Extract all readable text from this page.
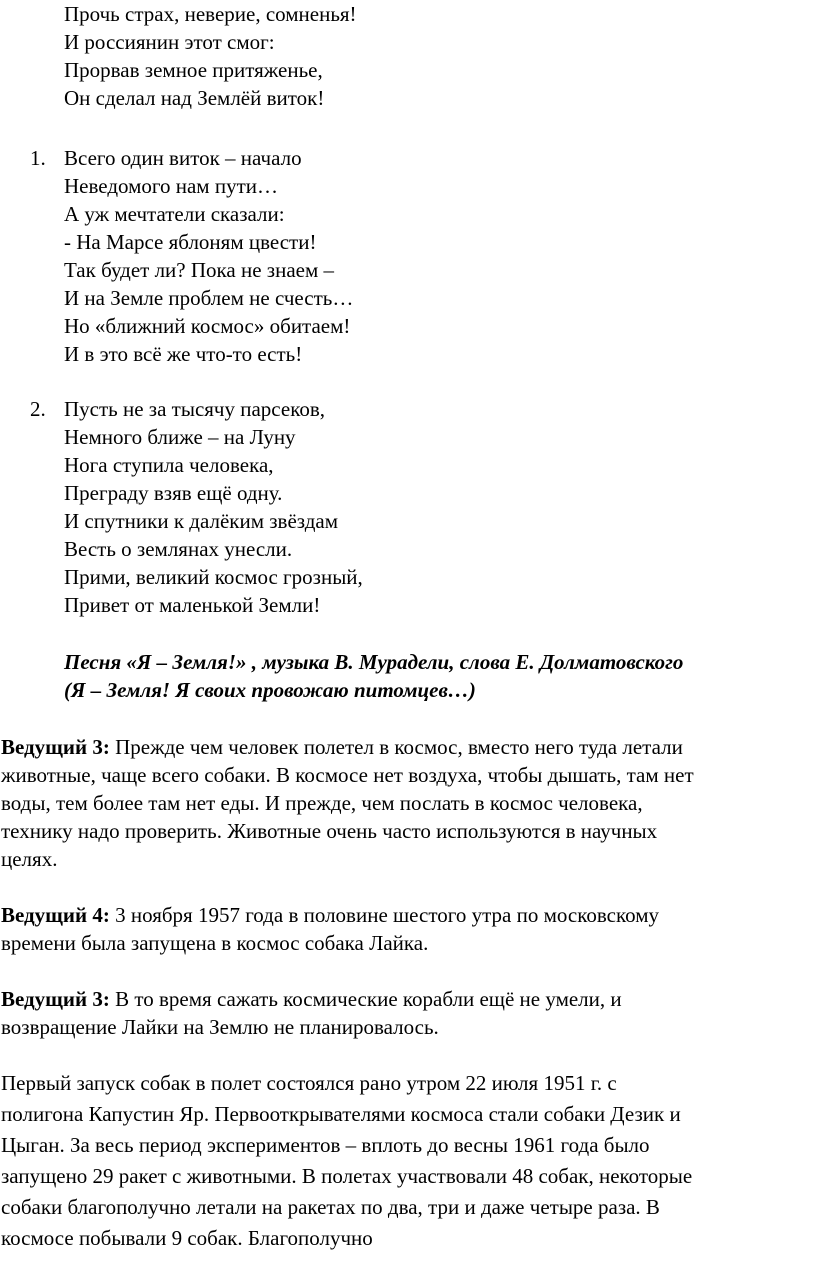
Прочь страх, неверие, сомненья!
И россиянин этот смог:
Прорвав земное притяженье,
Он сделал над Землёй виток!
1. Всего один виток – начало
Неведомого нам пути…
А уж мечтатели сказали:
- На Марсе яблоням цвести!
Так будет ли? Пока не знаем –
И на Земле проблем не счесть…
Но «ближний космос» обитаем!
И в это всё же что-то есть!
2. Пусть не за тысячу парсеков,
Немного ближе – на Луну
Нога ступила человека,
Преграду взяв ещё одну.
И спутники к далёким звёздам
Весть о землянах унесли.
Прими, великий космос грозный,
Привет от маленькой Земли!
Песня «Я – Земля!» , музыка В. Мурадели, слова Е. Долматовского
(Я – Земля! Я своих провожаю питомцев…)
Ведущий 3: Прежде чем человек полетел в космос, вместо него туда летали
животные, чаще всего собаки. В космосе нет воздуха, чтобы дышать, там нет
воды, тем более там нет еды. И прежде, чем послать в космос человека,
технику надо проверить. Животные очень часто используются в научных
целях.
Ведущий 4: 3 ноября 1957 года в половине шестого утра по московскому
времени была запущена в космос собака Лайка.
Ведущий 3: В то время сажать космические корабли ещё не умели, и
возвращение Лайки на Землю не планировалось.
Первый запуск собак в полет состоялся рано утром 22 июля 1951 г. с
полигона Капустин Яр. Первооткрывателями космоса стали собаки Дезик и
Цыган. За весь период экспериментов – вплоть до весны 1961 года было
запущено 29 ракет с животными. В полетах участвовали 48 собак, некоторые
собаки благополучно летали на ракетах по два, три и даже четыре раза. В
космосе побывали 9 собак. Благополучно
